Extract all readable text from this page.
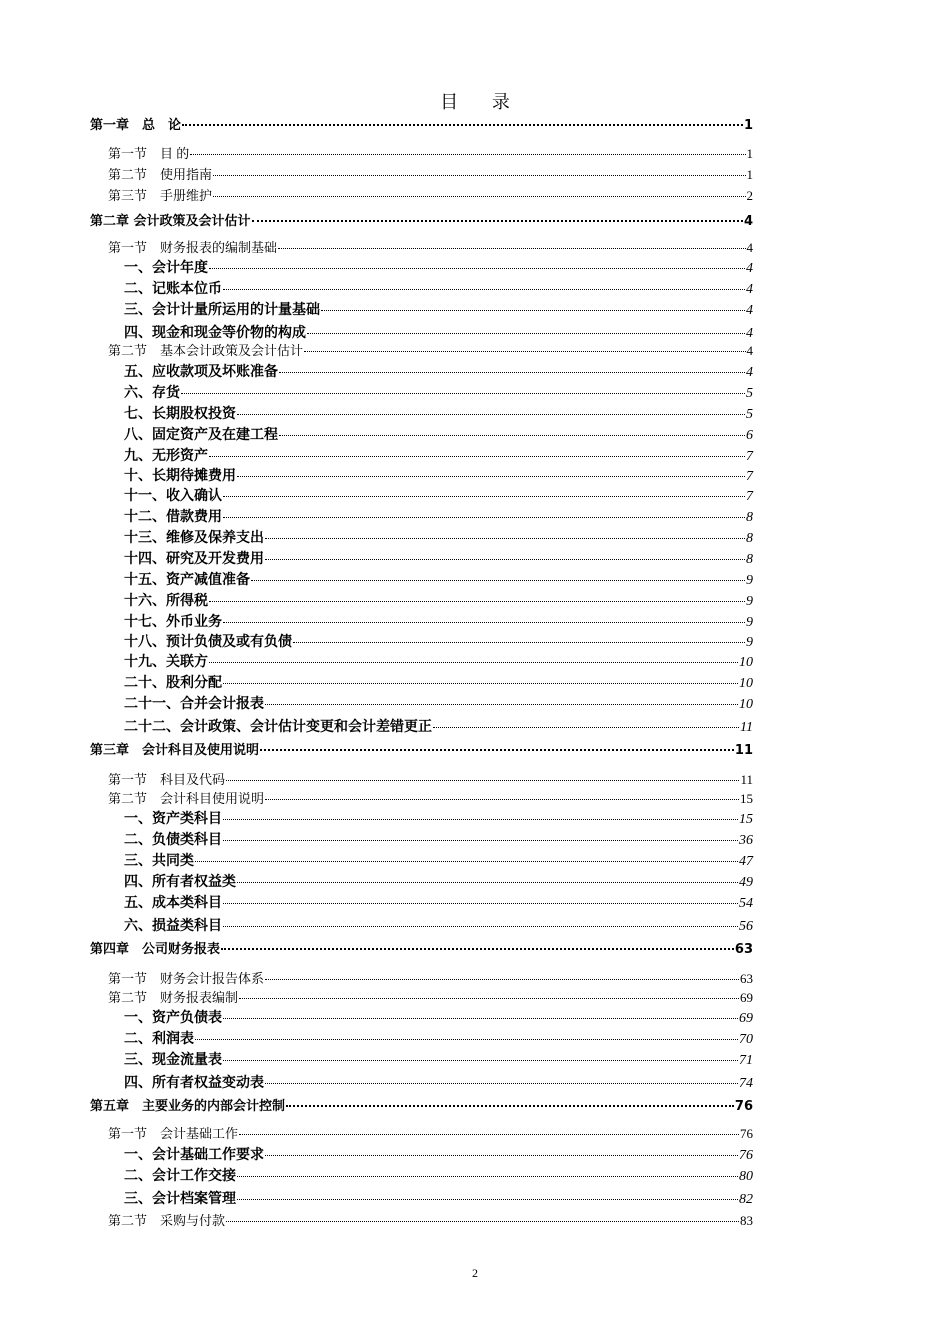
目 录
第一章　总　论	1
第一节　目 的	1
第二节　使用指南	1
第三节　手册维护	2
第二章 会计政策及会计估计	4
第一节　财务报表的编制基础	4
一、会计年度	4
二、记账本位币	4
三、会计计量所运用的计量基础	4
四、现金和现金等价物的构成	4
第二节　基本会计政策及会计估计	4
五、应收款项及坏账准备	4
六、存货	5
七、长期股权投资	5
八、固定资产及在建工程	6
九、无形资产	7
十、长期待摊费用	7
十一、收入确认	7
十二、借款费用	8
十三、维修及保养支出	8
十四、研究及开发费用	8
十五、资产减值准备	9
十六、所得税	9
十七、外币业务	9
十八、预计负债及或有负债	9
十九、关联方	10
二十、股利分配	10
二十一、合并会计报表	10
二十二、会计政策、会计估计变更和会计差错更正	11
第三章　会计科目及使用说明	11
第一节　科目及代码	11
第二节　会计科目使用说明	15
一、资产类科目	15
二、负债类科目	36
三、共同类	47
四、所有者权益类	49
五、成本类科目	54
六、损益类科目	56
第四章　公司财务报表	63
第一节　财务会计报告体系	63
第二节　财务报表编制	69
一、资产负债表	69
二、利润表	70
三、现金流量表	71
四、所有者权益变动表	74
第五章　主要业务的内部会计控制	76
第一节　会计基础工作	76
一、会计基础工作要求	76
二、会计工作交接	80
三、会计档案管理	82
第二节　采购与付款	83
2
